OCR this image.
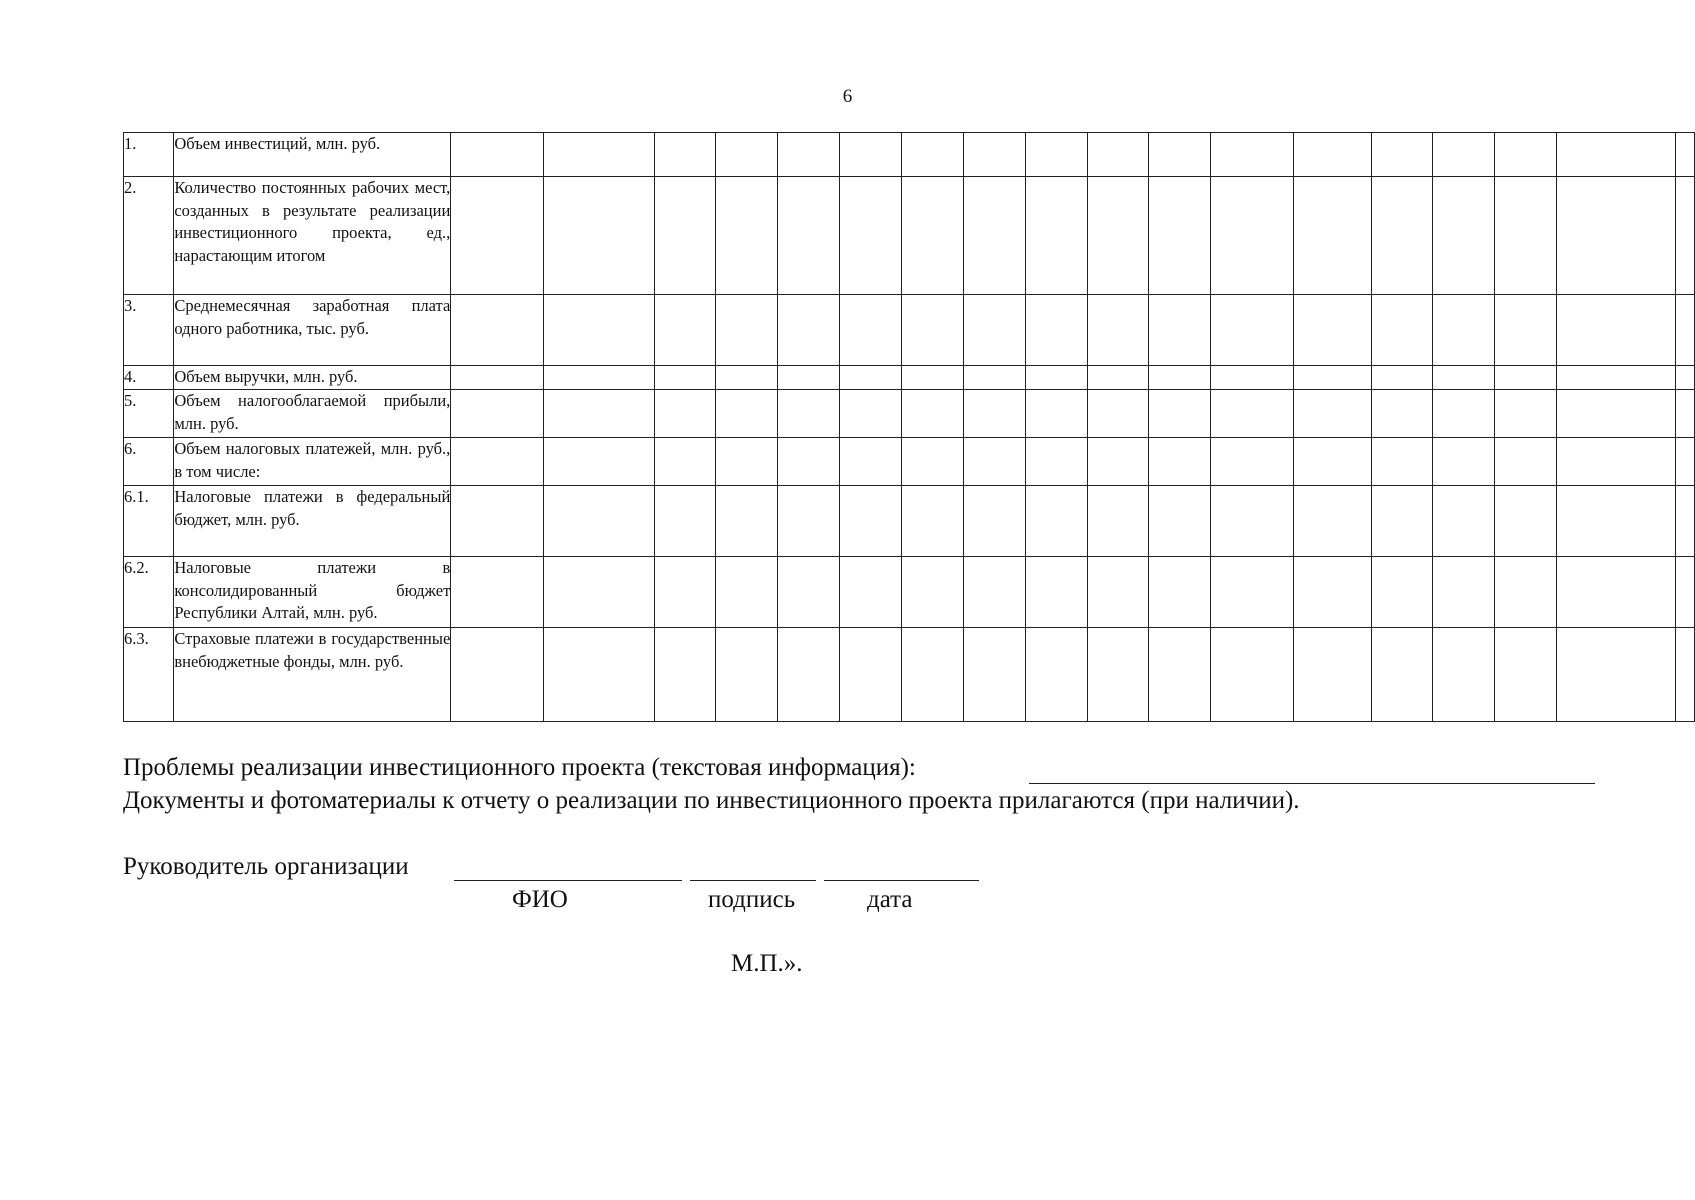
6
1.	Объем инвестиций, млн. руб.																		
2.	Количество постоянных рабочих мест, созданных в результате реализации инвестиционного проекта, ед., нарастающим итогом																		
3.	Среднемесячная заработная плата одного работника, тыс. руб.																		
4.	Объем выручки, млн. руб.																		
5.	Объем налогооблагаемой прибыли, млн. руб.																		
6.	Объем налоговых платежей, млн. руб., в том числе:																		
6.1.	Налоговые платежи в федеральный бюджет, млн. руб.																		
6.2.	Налоговые платежи в консолидированный бюджет Республики Алтай, млн. руб.																		
6.3.	Страховые платежи в государственные внебюджетные фонды, млн. руб.																		
Проблемы реализации инвестиционного проекта (текстовая информация):
Документы и фотоматериалы к отчету о реализации по инвестиционного проекта прилагаются (при наличии).
Руководитель организации
ФИО	подпись	дата
М.П.».
